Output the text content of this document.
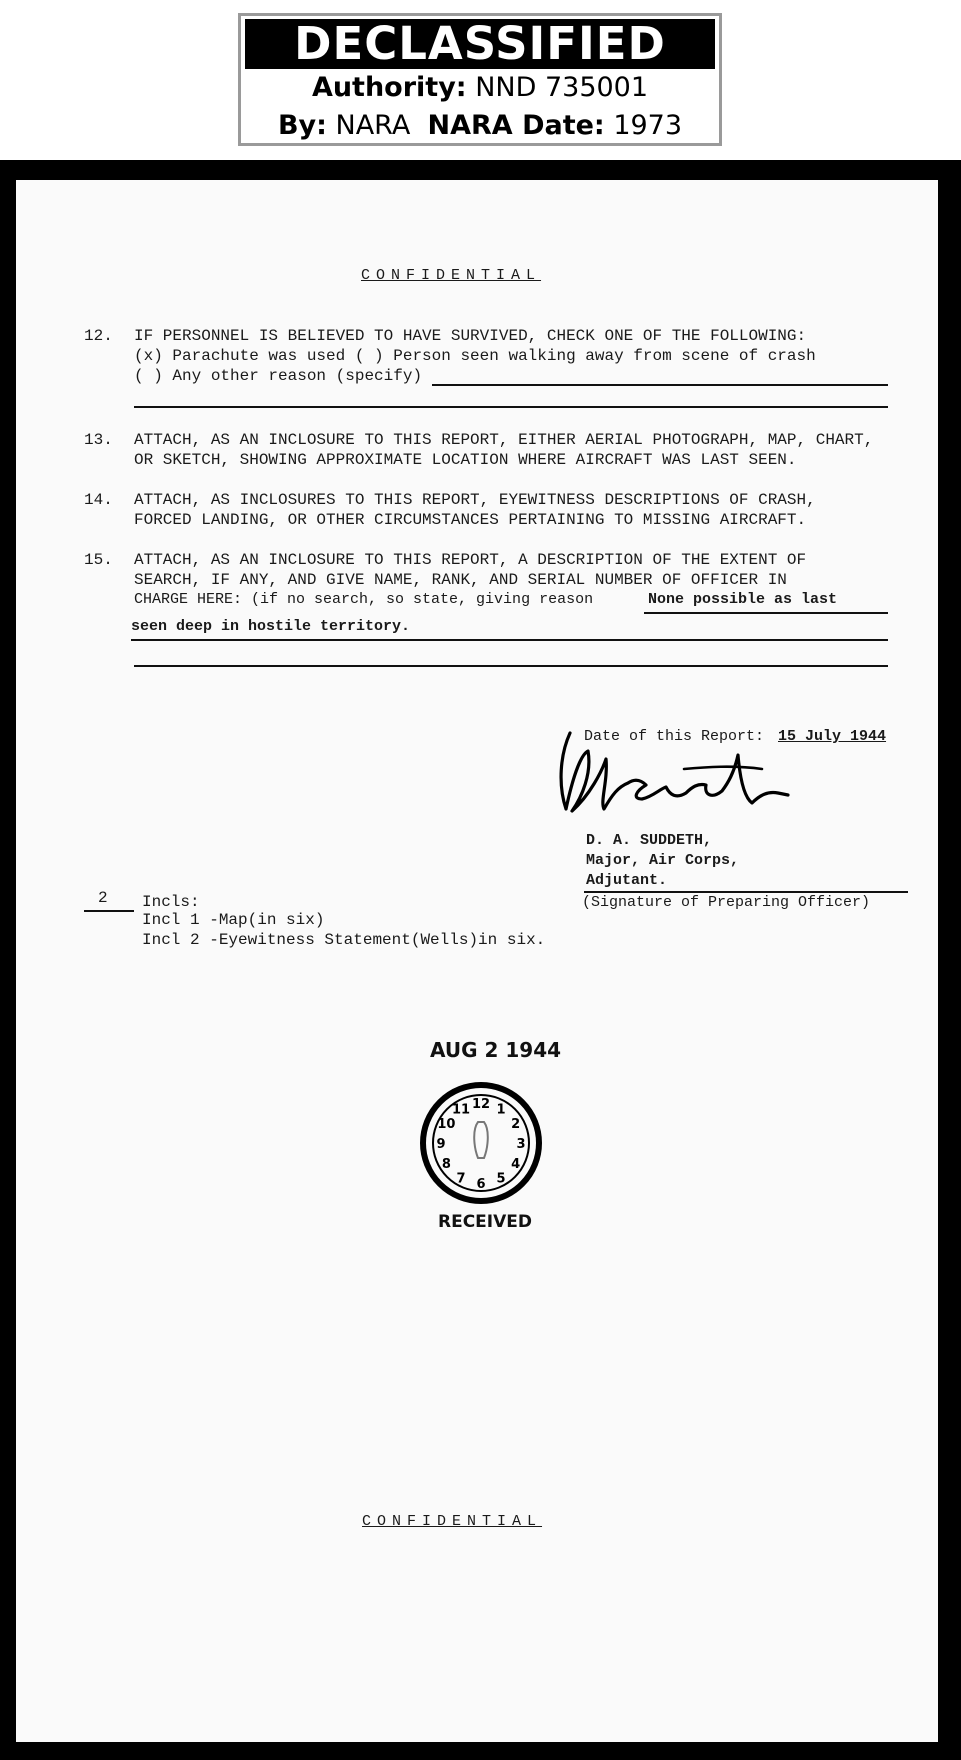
DECLASSIFIED
Authority: NND 735001
By: NARA NARA Date: 1973
CONFIDENTIAL
12. IF PERSONNEL IS BELIEVED TO HAVE SURVIVED, CHECK ONE OF THE FOLLOWING:
(x) Parachute was used ( ) Person seen walking away from scene of crash
( ) Any other reason (specify)
13. ATTACH, AS AN INCLOSURE TO THIS REPORT, EITHER AERIAL PHOTOGRAPH, MAP, CHART,
OR SKETCH, SHOWING APPROXIMATE LOCATION WHERE AIRCRAFT WAS LAST SEEN.
14. ATTACH, AS INCLOSURES TO THIS REPORT, EYEWITNESS DESCRIPTIONS OF CRASH,
FORCED LANDING, OR OTHER CIRCUMSTANCES PERTAINING TO MISSING AIRCRAFT.
15. ATTACH, AS AN INCLOSURE TO THIS REPORT, A DESCRIPTION OF THE EXTENT OF
SEARCH, IF ANY, AND GIVE NAME, RANK, AND SERIAL NUMBER OF OFFICER IN
CHARGE HERE: (if no search, so state, giving reason	None possible as last
seen deep in hostile territory.
Date of this Report: 15 July 1944
D. A. SUDDETH,
Major, Air Corps,
Adjutant.
(Signature of Preparing Officer)
2 Incls:
Incl 1 -Map(in six)
Incl 2 -Eyewitness Statement(Wells)in six.
AUG 2 1944
12 1
2
3
4
5
6
7
8
9
10
11
RECEIVED
CONFIDENTIAL
